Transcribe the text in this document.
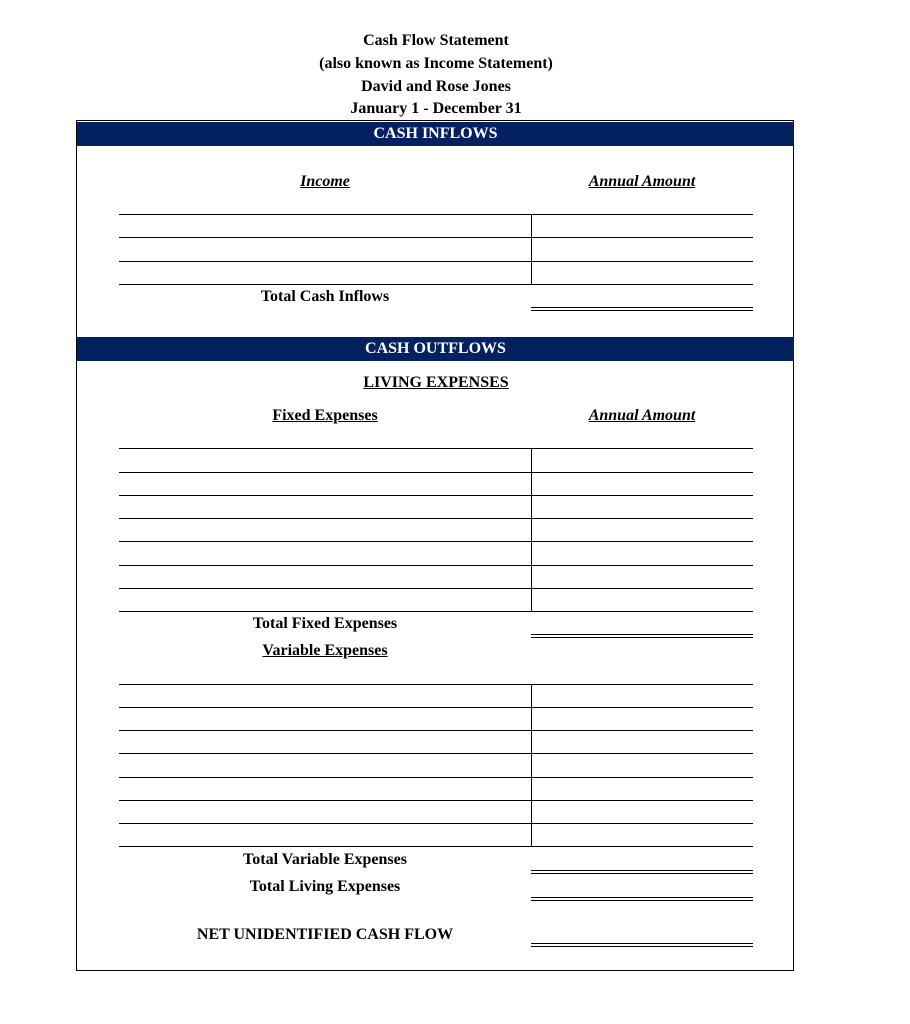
Cash Flow Statement
(also known as Income Statement)
David and Rose Jones
January 1 - December 31
CASH INFLOWS
Income	Annual Amount
Total Cash Inflows
CASH OUTFLOWS
LIVING EXPENSES
Fixed Expenses	Annual Amount
Total Fixed Expenses
Variable Expenses
Total Variable Expenses
Total Living Expenses
NET UNIDENTIFIED CASH FLOW
